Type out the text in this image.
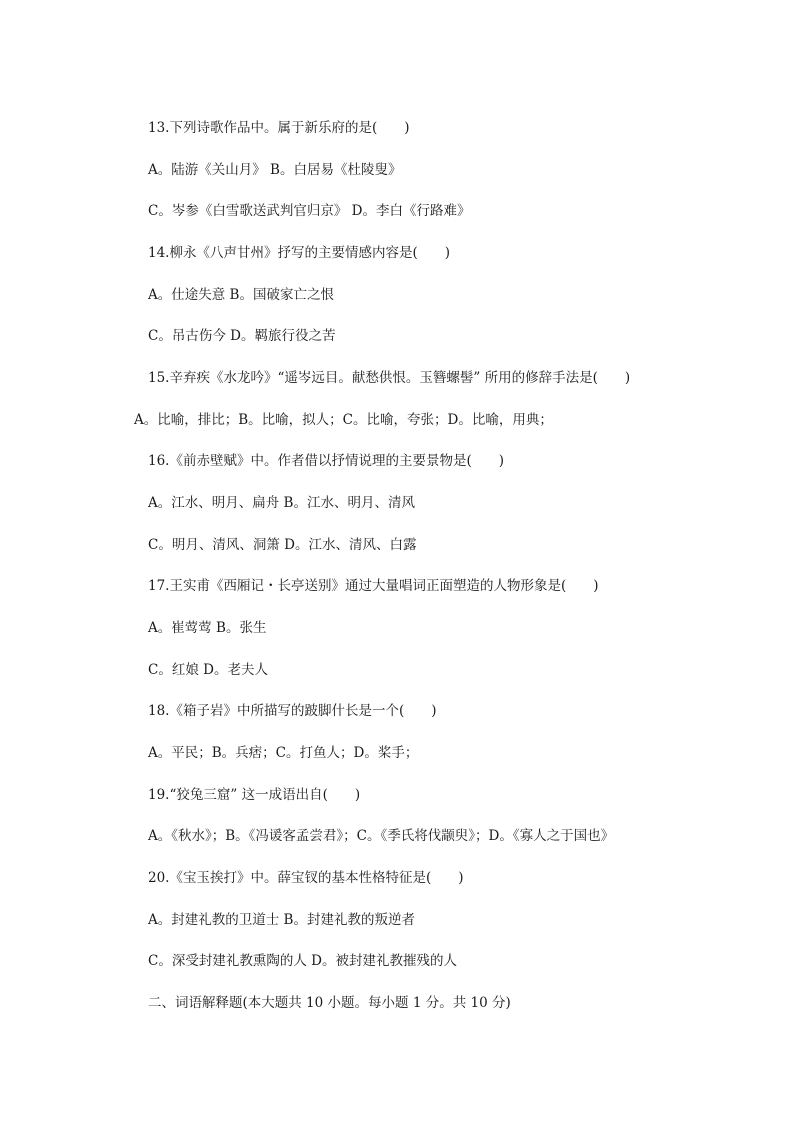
13.下列诗歌作品中。属于新乐府的是(　　)
A。陆游《关山月》 B。白居易《杜陵叟》
C。岑参《白雪歌送武判官归京》 D。李白《行路难》
14.柳永《八声甘州》抒写的主要情感内容是(　　)
A。仕途失意 B。国破家亡之恨
C。吊古伤今 D。羁旅行役之苦
15.辛弃疾《水龙吟》“遥岑远目。献愁供恨。玉簪螺髻” 所用的修辞手法是(　　)
A。比喻，排比；B。比喻，拟人；C。比喻，夸张；D。比喻，用典；
16.《前赤壁赋》中。作者借以抒情说理的主要景物是(　　)
A。江水、明月、扁舟 B。江水、明月、清风
C。明月、清风、洞箫 D。江水、清风、白露
17.王实甫《西厢记・长亭送别》通过大量唱词正面塑造的人物形象是(　　)
A。崔莺莺 B。张生
C。红娘 D。老夫人
18.《箱子岩》中所描写的跛脚什长是一个(　　)
A。平民；B。兵痞；C。打鱼人；D。桨手；
19.“狡兔三窟” 这一成语出自(　　)
A。《秋水》；B。《冯谖客孟尝君》；C。《季氏将伐颛臾》；D。《寡人之于国也》
20.《宝玉挨打》中。薛宝钗的基本性格特征是(　　)
A。封建礼教的卫道士 B。封建礼教的叛逆者
C。深受封建礼教熏陶的人 D。被封建礼教摧残的人
二、词语解释题(本大题共 10 小题。每小题 1 分。共 10 分)
